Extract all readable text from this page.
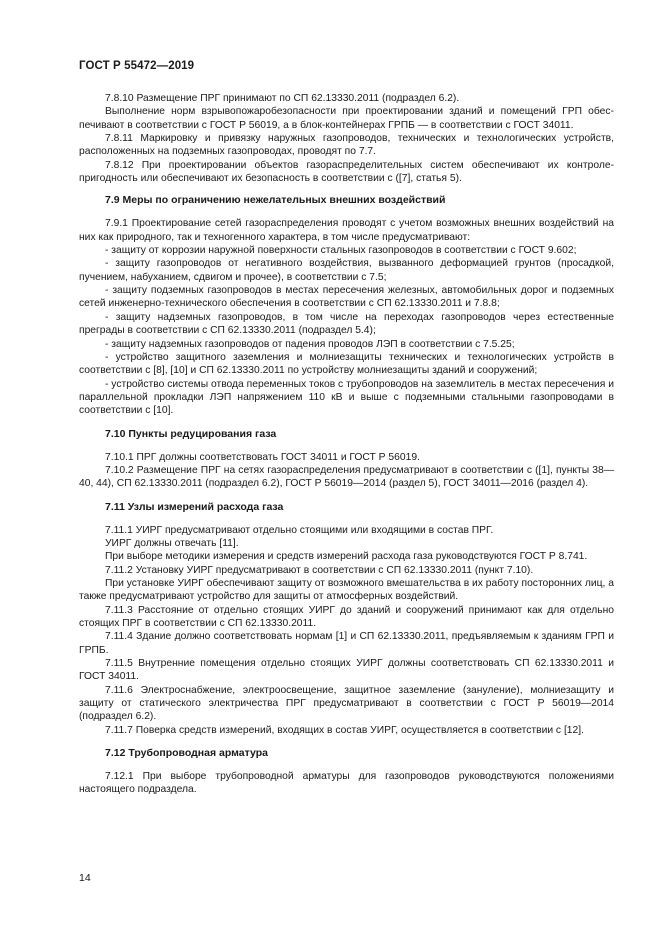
ГОСТ Р 55472—2019

7.8.10 Размещение ПРГ принимают по СП 62.13330.2011 (подраздел 6.2).

Выполнение норм взрывопожаробезопасности при проектировании зданий и помещений ГРП обеспечивают в соответствии с ГОСТ Р 56019, а в блок-контейнерах ГРПБ — в соответствии с ГОСТ 34011.

7.8.11 Маркировку и привязку наружных газопроводов, технических и технологических устройств, расположенных на подземных газопроводах, проводят по 7.7.

7.8.12 При проектировании объектов газораспределительных систем обеспечивают их контролепригодность или обеспечивают их безопасность в соответствии с ([7], статья 5).

7.9 Меры по ограничению нежелательных внешних воздействий

7.9.1 Проектирование сетей газораспределения проводят с учетом возможных внешних воздействий на них как природного, так и техногенного характера, в том числе предусматривают:

- защиту от коррозии наружной поверхности стальных газопроводов в соответствии с ГОСТ 9.602;

- защиту газопроводов от негативного воздействия, вызванного деформацией грунтов (просадкой, пучением, набуханием, сдвигом и прочее), в соответствии с 7.5;

- защиту подземных газопроводов в местах пересечения железных, автомобильных дорог и подземных сетей инженерно-технического обеспечения в соответствии с СП 62.13330.2011 и 7.8.8;

- защиту надземных газопроводов, в том числе на переходах газопроводов через естественные преграды в соответствии с СП 62.13330.2011 (подраздел 5.4);

- защиту надземных газопроводов от падения проводов ЛЭП в соответствии с 7.5.25;

- устройство защитного заземления и молниезащиты технических и технологических устройств в соответствии с [8], [10] и СП 62.13330.2011 по устройству молниезащиты зданий и сооружений;

- устройство системы отвода переменных токов с трубопроводов на заземлитель в местах пересечения и параллельной прокладки ЛЭП напряжением 110 кВ и выше с подземными стальными газопроводами в соответствии с [10].

7.10 Пункты редуцирования газа

7.10.1 ПРГ должны соответствовать ГОСТ 34011 и ГОСТ Р 56019.

7.10.2 Размещение ПРГ на сетях газораспределения предусматривают в соответствии с ([1], пункты 38—40, 44), СП 62.13330.2011 (подраздел 6.2), ГОСТ Р 56019—2014 (раздел 5), ГОСТ 34011—2016 (раздел 4).

7.11 Узлы измерений расхода газа

7.11.1 УИРГ предусматривают отдельно стоящими или входящими в состав ПРГ.

УИРГ должны отвечать [11].

При выборе методики измерения и средств измерений расхода газа руководствуются ГОСТ Р 8.741.

7.11.2 Установку УИРГ предусматривают в соответствии с СП 62.13330.2011 (пункт 7.10).

При установке УИРГ обеспечивают защиту от возможного вмешательства в их работу посторонних лиц, а также предусматривают устройство для защиты от атмосферных воздействий.

7.11.3 Расстояние от отдельно стоящих УИРГ до зданий и сооружений принимают как для отдельно стоящих ПРГ в соответствии с СП 62.13330.2011.

7.11.4 Здание должно соответствовать нормам [1] и СП 62.13330.2011, предъявляемым к зданиям ГРП и ГРПБ.

7.11.5 Внутренние помещения отдельно стоящих УИРГ должны соответствовать СП 62.13330.2011 и ГОСТ 34011.

7.11.6 Электроснабжение, электроосвещение, защитное заземление (зануление), молниезащиту и защиту от статического электричества ПРГ предусматривают в соответствии с ГОСТ Р 56019—2014 (подраздел 6.2).

7.11.7 Поверка средств измерений, входящих в состав УИРГ, осуществляется в соответствии с [12].

7.12 Трубопроводная арматура

7.12.1 При выборе трубопроводной арматуры для газопроводов руководствуются положениями настоящего подраздела.

14
